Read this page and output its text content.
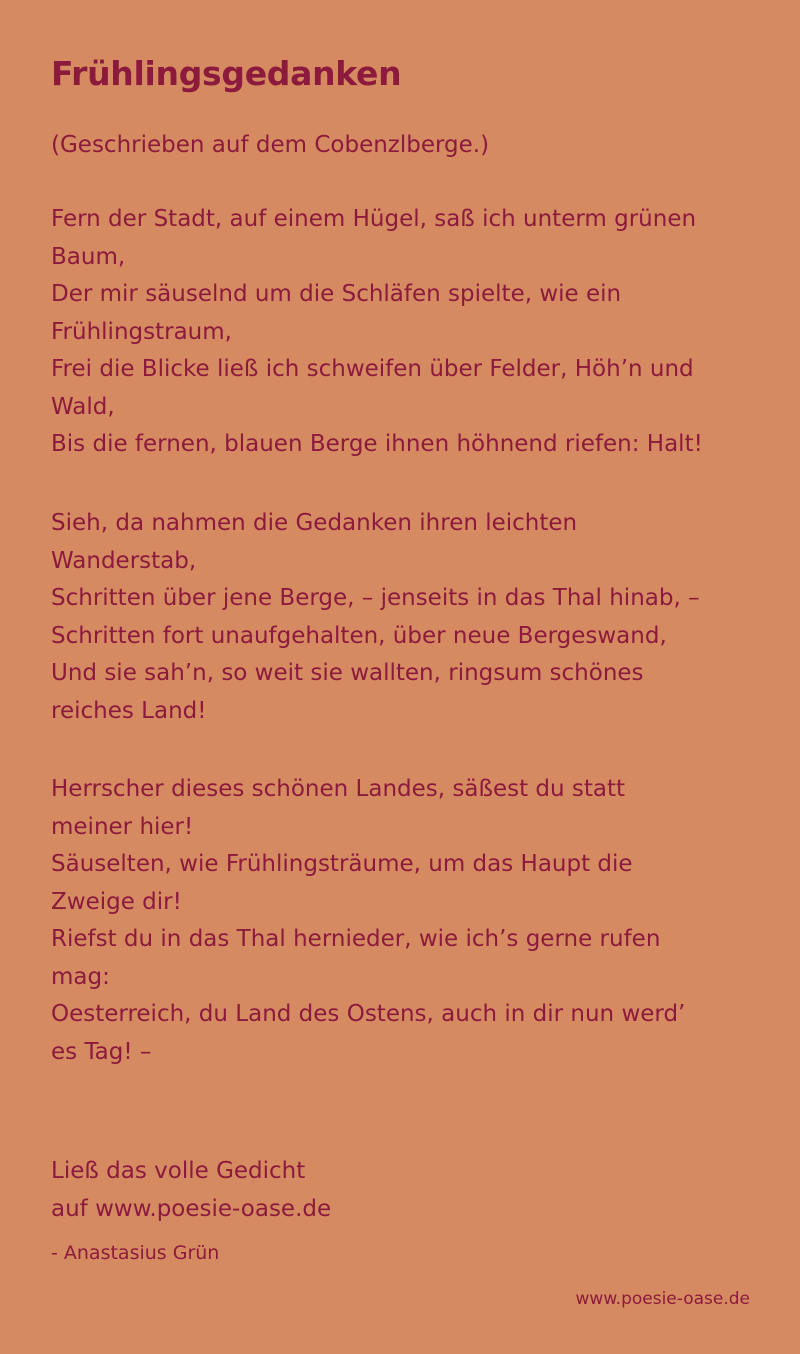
Frühlingsgedanken
(Geschrieben auf dem Cobenzlberge.)
Fern der Stadt, auf einem Hügel, saß ich unterm grünen
Baum,
Der mir säuselnd um die Schläfen spielte, wie ein
Frühlingstraum,
Frei die Blicke ließ ich schweifen über Felder, Höh’n und
Wald,
Bis die fernen, blauen Berge ihnen höhnend riefen: Halt!
Sieh, da nahmen die Gedanken ihren leichten
Wanderstab,
Schritten über jene Berge, – jenseits in das Thal hinab, –
Schritten fort unaufgehalten, über neue Bergeswand,
Und sie sah’n, so weit sie wallten, ringsum schönes
reiches Land!
Herrscher dieses schönen Landes, säßest du statt
meiner hier!
Säuselten, wie Frühlingsträume, um das Haupt die
Zweige dir!
Riefst du in das Thal hernieder, wie ich’s gerne rufen
mag:
Oesterreich, du Land des Ostens, auch in dir nun werd’
es Tag! –
Ließ das volle Gedicht
auf www.poesie-oase.de
- Anastasius Grün
www.poesie-oase.de
